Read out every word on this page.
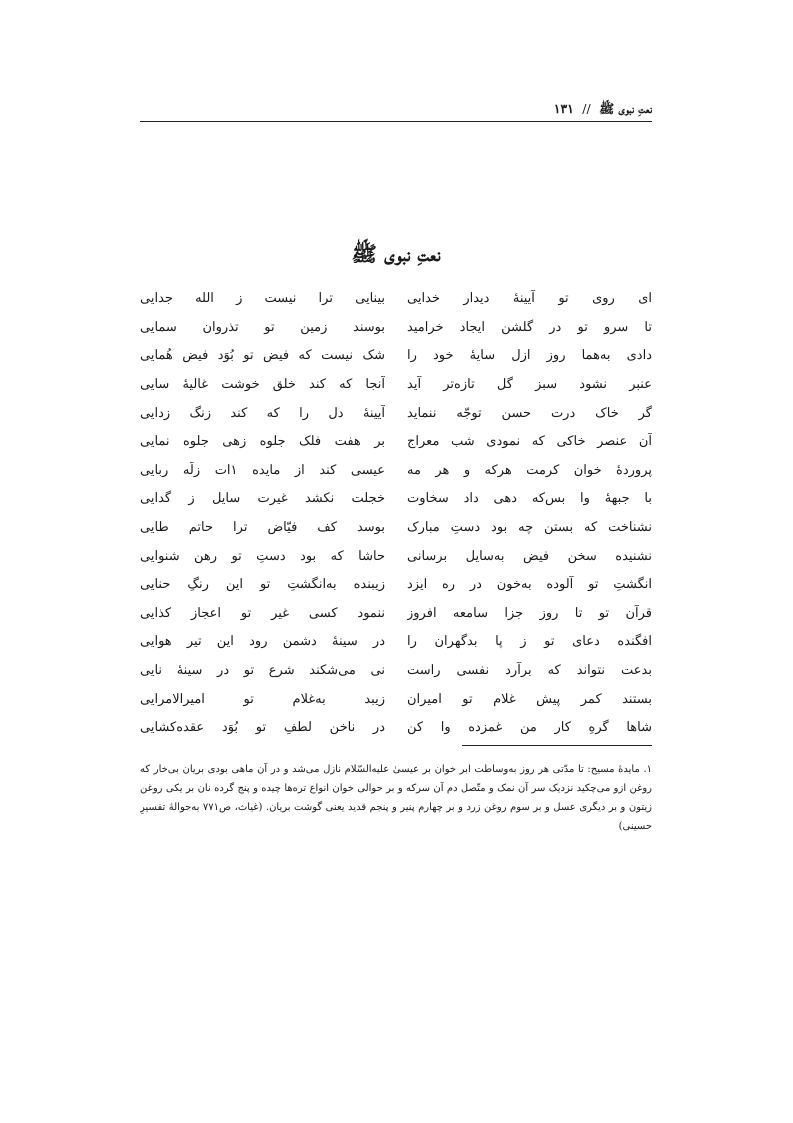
نعتِ نبوی ﷺ // ۱۳۱
نعتِ نبوی ﷺ
ای روی تو آیینۀ دیدار خدایی
بینایی ترا نیست ز الله جدایی
تا سرو تو در گلشن ایجاد خرامید
بوسند زمین تو تذروان سمایی
دادی به‌هما روز ازل سایۀ خود را
شک نیست که فیض تو بُوَد فیض هُمایی
عنبر نشود سبز گل تازه‌تر آید
آنجا که کند خلق خوشت غالیۀ سایی
گر خاک درت حسن توجّه ننماید
آیینۀ دل را که کند زنگ زدایی
آن عنصر خاکی که نمودی شب معراج
بر هفت فلک جلوه زهی جلوه نمایی
پروردۀ خوان کرمت هرکه و هر مه
عیسی کند از مایده ۱ات زلّه ربایی
با جبهۀ وا بس‌که دهی داد سخاوت
خجلت نکشد غیرت سایل ز گدایی
نشناخت که بستن چه بود دستِ مبارک
بوسد کف فیّاض ترا حاتم طایی
نشنیده سخن فیض به‌سایل برسانی
حاشا که بود دستِ تو رهن شنوایی
انگشتِ تو آلوده به‌خون در ره ایزد
زیبنده به‌انگشتِ تو این رنگِ حنایی
قرآن تو تا روز جزا سامعه افروز
ننمود کسی غیر تو اعجاز کذایی
افگنده دعای تو ز پا بدگهران را
در سینۀ دشمن رود این تیر هوایی
بدعت نتواند که برآرد نفسی راست
نی می‌شکند شرع تو در سینۀ نایی
بستند کمر پیش غلام تو امیران
زیبد به‌غلام تو امیرالامرایی
شاها گرهِ کار من غمزده وا کن
در ناخن لطفِ تو بُوَد عقده‌کشایی
۱. مایدۀ مسیح: تا مدّتی هر روز به‌وساطت ابر خوان بر عیسیٰ علیه‌السّلام نازل می‌شد و در آن ماهی بودی بریان بی‌خار که روغن ازو می‌چکید نزدیک سر آن نمک و متّصل دم آن سرکه و بر حوالی خوان انواع تره‌ها چیده و پنج گرده نان بر یکی روغن زیتون و بر دیگری عسل و بر سوم روغن زرد و بر چهارم پنیر و پنجم قدید یعنی گوشت بریان. (غیاث، ص۷۷۱ به‌حوالۀ تفسیرِ حسینی)
